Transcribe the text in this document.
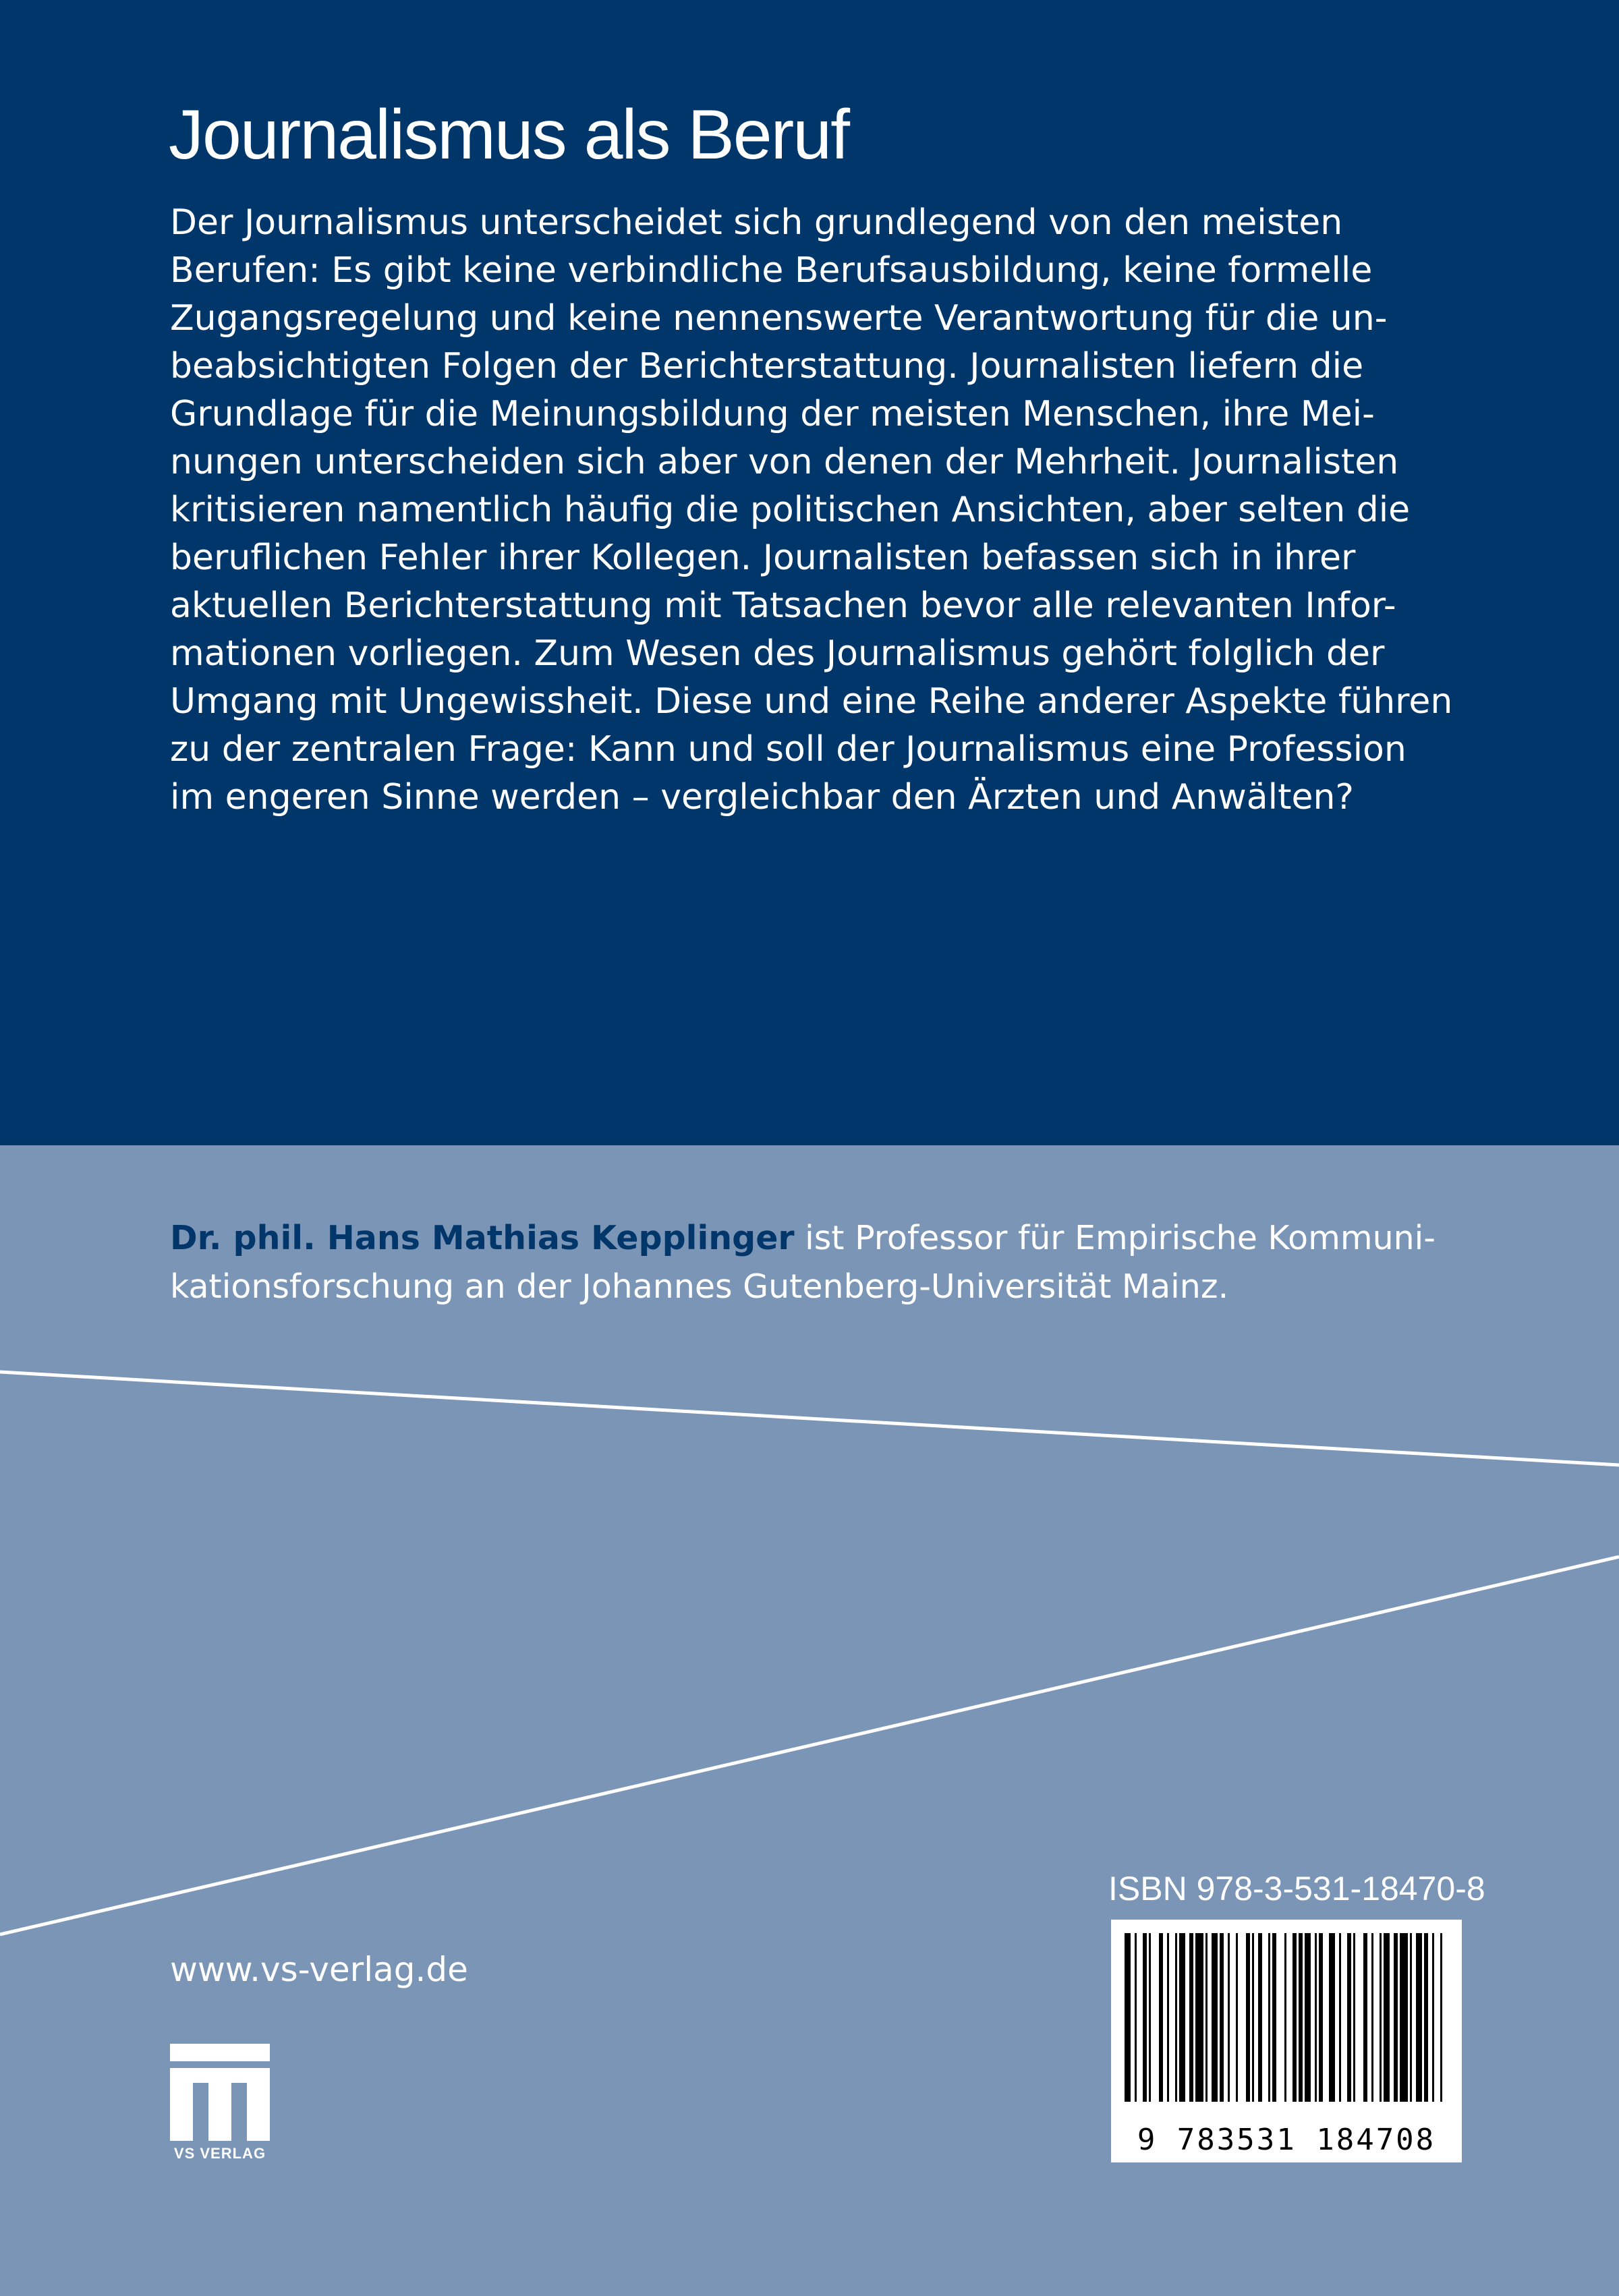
Journalismus als Beruf
Der Journalismus unterscheidet sich grundlegend von den meisten
Berufen: Es gibt keine verbindliche Berufsausbildung, keine formelle
Zugangsregelung und keine nennenswerte Verantwortung für die un-
beabsichtigten Folgen der Berichterstattung. Journalisten liefern die
Grundlage für die Meinungsbildung der meisten Menschen, ihre Mei-
nungen unterscheiden sich aber von denen der Mehrheit. Journalisten
kritisieren namentlich häufig die politischen Ansichten, aber selten die
beruflichen Fehler ihrer Kollegen. Journalisten befassen sich in ihrer
aktuellen Berichterstattung mit Tatsachen bevor alle relevanten Infor-
mationen vorliegen. Zum Wesen des Journalismus gehört folglich der
Umgang mit Ungewissheit. Diese und eine Reihe anderer Aspekte führen
zu der zentralen Frage: Kann und soll der Journalismus eine Profession
im engeren Sinne werden – vergleichbar den Ärzten und Anwälten?
Dr. phil. Hans Mathias Kepplinger ist Professor für Empirische Kommuni-
kationsforschung an der Johannes Gutenberg-Universität Mainz.
ISBN 978-3-531-18470-8
9 783531 184708
www.vs-verlag.de
VS VERLAG
